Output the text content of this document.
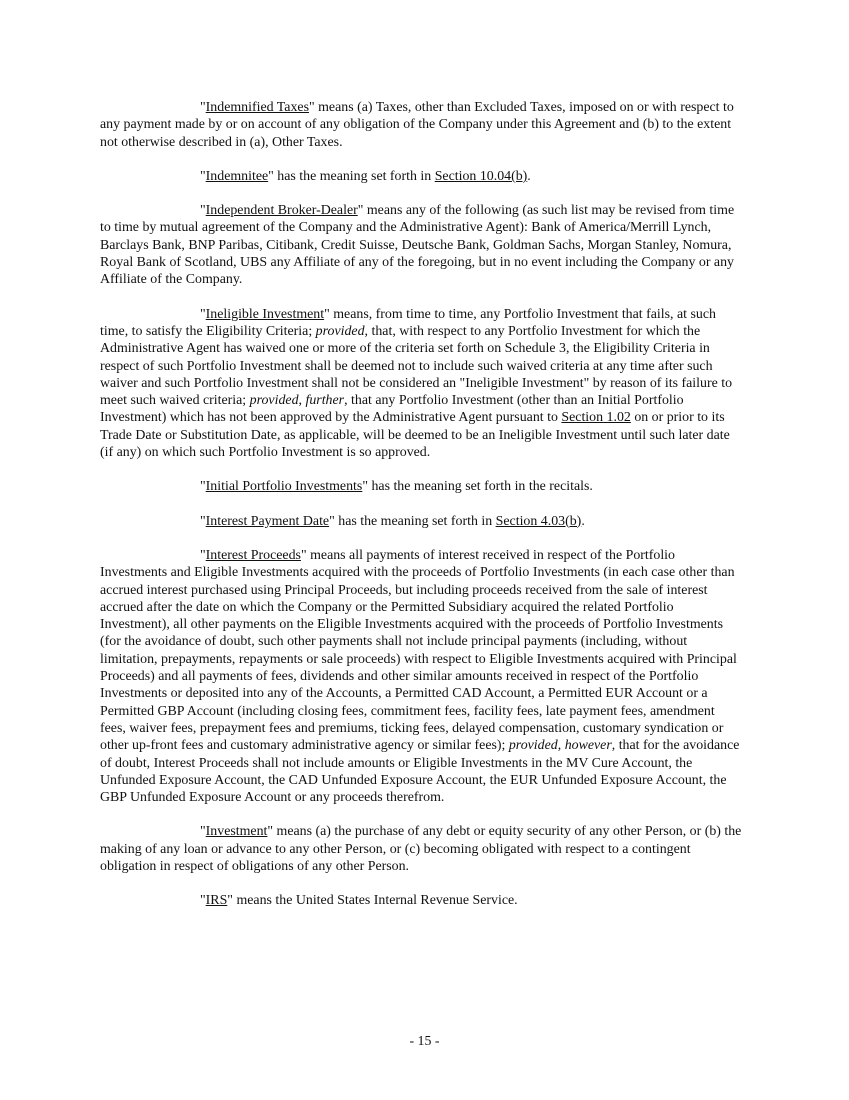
"Indemnified Taxes" means (a) Taxes, other than Excluded Taxes, imposed on or with respect to any payment made by or on account of any obligation of the Company under this Agreement and (b) to the extent not otherwise described in (a), Other Taxes.

"Indemnitee" has the meaning set forth in Section 10.04(b).

"Independent Broker-Dealer" means any of the following (as such list may be revised from time to time by mutual agreement of the Company and the Administrative Agent): Bank of America/Merrill Lynch, Barclays Bank, BNP Paribas, Citibank, Credit Suisse, Deutsche Bank, Goldman Sachs, Morgan Stanley, Nomura, Royal Bank of Scotland, UBS any Affiliate of any of the foregoing, but in no event including the Company or any Affiliate of the Company.

"Ineligible Investment" means, from time to time, any Portfolio Investment that fails, at such time, to satisfy the Eligibility Criteria; provided, that, with respect to any Portfolio Investment for which the Administrative Agent has waived one or more of the criteria set forth on Schedule 3, the Eligibility Criteria in respect of such Portfolio Investment shall be deemed not to include such waived criteria at any time after such waiver and such Portfolio Investment shall not be considered an "Ineligible Investment" by reason of its failure to meet such waived criteria; provided, further, that any Portfolio Investment (other than an Initial Portfolio Investment) which has not been approved by the Administrative Agent pursuant to Section 1.02 on or prior to its Trade Date or Substitution Date, as applicable, will be deemed to be an Ineligible Investment until such later date (if any) on which such Portfolio Investment is so approved.

"Initial Portfolio Investments" has the meaning set forth in the recitals.

"Interest Payment Date" has the meaning set forth in Section 4.03(b).

"Interest Proceeds" means all payments of interest received in respect of the Portfolio Investments and Eligible Investments acquired with the proceeds of Portfolio Investments (in each case other than accrued interest purchased using Principal Proceeds, but including proceeds received from the sale of interest accrued after the date on which the Company or the Permitted Subsidiary acquired the related Portfolio Investment), all other payments on the Eligible Investments acquired with the proceeds of Portfolio Investments (for the avoidance of doubt, such other payments shall not include principal payments (including, without limitation, prepayments, repayments or sale proceeds) with respect to Eligible Investments acquired with Principal Proceeds) and all payments of fees, dividends and other similar amounts received in respect of the Portfolio Investments or deposited into any of the Accounts, a Permitted CAD Account, a Permitted EUR Account or a Permitted GBP Account (including closing fees, commitment fees, facility fees, late payment fees, amendment fees, waiver fees, prepayment fees and premiums, ticking fees, delayed compensation, customary syndication or other up-front fees and customary administrative agency or similar fees); provided, however, that for the avoidance of doubt, Interest Proceeds shall not include amounts or Eligible Investments in the MV Cure Account, the Unfunded Exposure Account, the CAD Unfunded Exposure Account, the EUR Unfunded Exposure Account, the GBP Unfunded Exposure Account or any proceeds therefrom.

"Investment" means (a) the purchase of any debt or equity security of any other Person, or (b) the making of any loan or advance to any other Person, or (c) becoming obligated with respect to a contingent obligation in respect of obligations of any other Person.

"IRS" means the United States Internal Revenue Service.

- 15 -
